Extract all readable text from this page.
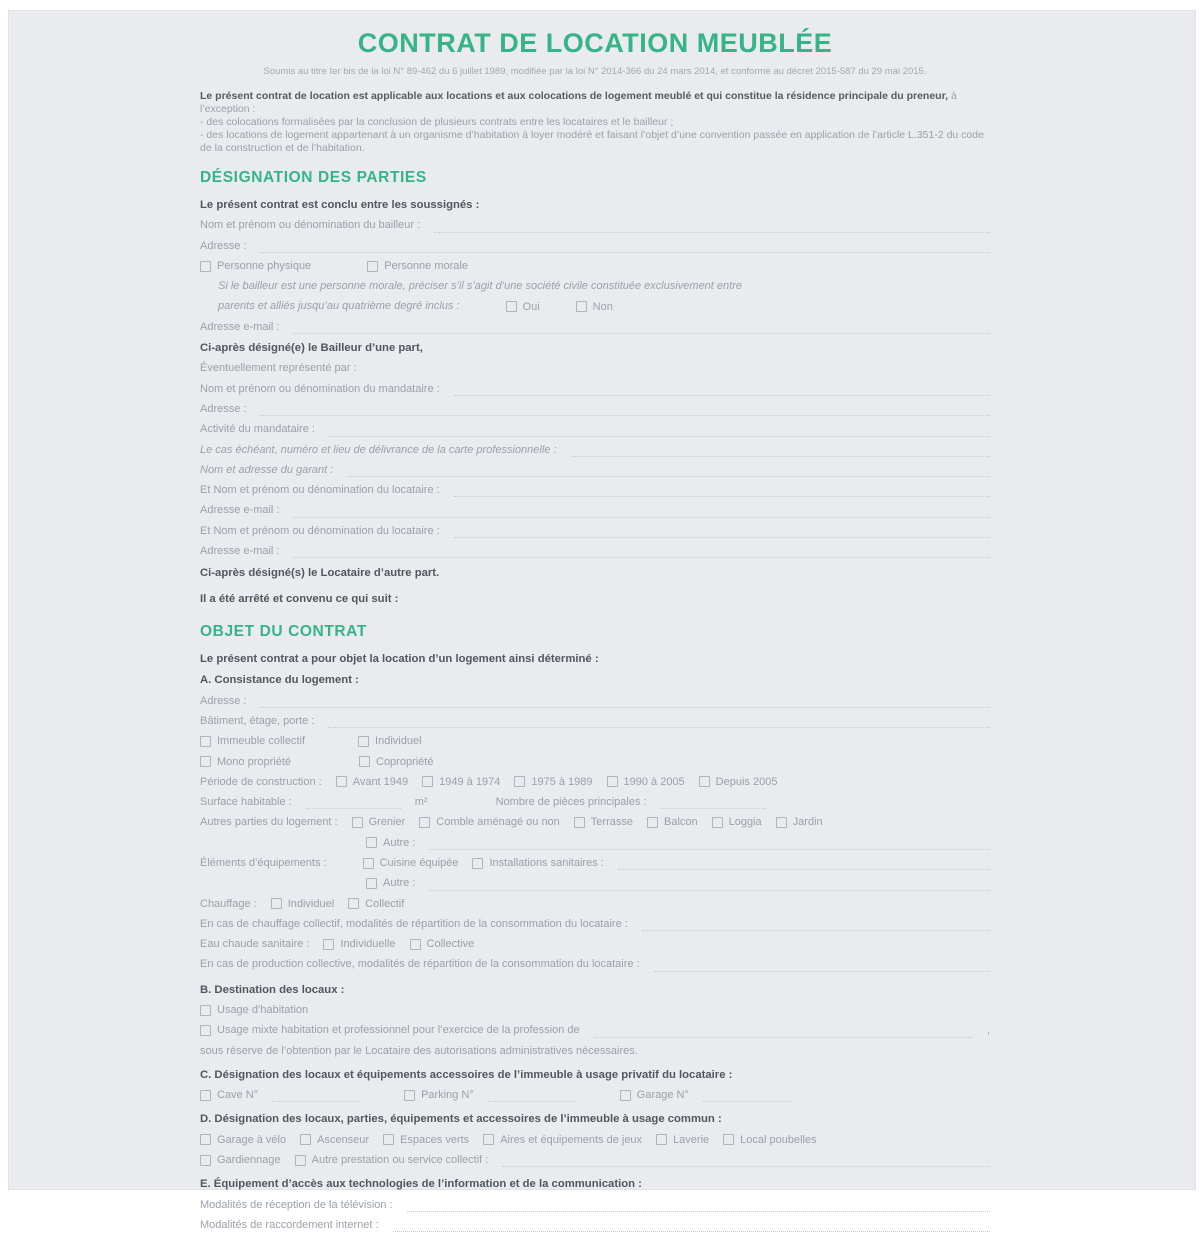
CONTRAT DE LOCATION MEUBLÉE
Soumis au titre Ier bis de la loi N° 89-462 du 6 juillet 1989, modifiée par la loi N° 2014-366 du 24 mars 2014, et conforme au décret 2015-587 du 29 mai 2015.

Le présent contrat de location est applicable aux locations et aux colocations de logement meublé et qui constitue la résidence principale du preneur, à l’exception :

- des colocations formalisées par la conclusion de plusieurs contrats entre les locataires et le bailleur ;

- des locations de logement appartenant à un organisme d’habitation à loyer modéré et faisant l’objet d’une convention passée en application de l’article L.351-2 du code de la construction et de l’habitation.

DÉSIGNATION DES PARTIES
Le présent contrat est conclu entre les soussignés :
Nom et prénom ou dénomination du bailleur :
Adresse :
Personne physique	Personne morale
Si le bailleur est une personne morale, préciser s’il s’agit d’une société civile constituée exclusivement entre
parents et alliés jusqu’au quatrième degré inclus :	Oui	Non
Adresse e-mail :
Ci-après désigné(e) le Bailleur d’une part,
Éventuellement représenté par :
Nom et prénom ou dénomination du mandataire :
Adresse :
Activité du mandataire :
Le cas échéant, numéro et lieu de délivrance de la carte professionnelle :
Nom et adresse du garant :
Et Nom et prénom ou dénomination du locataire :
Adresse e-mail :
Et Nom et prénom ou dénomination du locataire :
Adresse e-mail :
Ci-après désigné(s) le Locataire d’autre part.
Il a été arrêté et convenu ce qui suit :
OBJET DU CONTRAT
Le présent contrat a pour objet la location d’un logement ainsi déterminé :
A. Consistance du logement :
Adresse :
Bâtiment, étage, porte :
Immeuble collectif	Individuel
Mono propriété	Copropriété
Période de construction :	Avant 1949	1949 à 1974	1975 à 1989	1990 à 2005	Depuis 2005
Surface habitable :	m²	Nombre de pièces principales :
Autres parties du logement :	Grenier	Comble aménagé ou non	Terrasse	Balcon	Loggia	Jardin
Autre :
Éléments d’équipements :	Cuisine équipée	Installations sanitaires :
Autre :
Chauffage :	Individuel	Collectif
En cas de chauffage collectif, modalités de répartition de la consommation du locataire :
Eau chaude sanitaire :	Individuelle	Collective
En cas de production collective, modalités de répartition de la consommation du locataire :
B. Destination des locaux :
Usage d’habitation
Usage mixte habitation et professionnel pour l’exercice de la profession de	,
sous réserve de l’obtention par le Locataire des autorisations administratives nécessaires.
C. Désignation des locaux et équipements accessoires de l’immeuble à usage privatif du locataire :
Cave N°	Parking N°	Garage N°
D. Désignation des locaux, parties, équipements et accessoires de l’immeuble à usage commun :
Garage à vélo	Ascenseur	Espaces verts	Aires et équipements de jeux	Laverie	Local poubelles
Gardiennage	Autre prestation ou service collectif :
E. Équipement d’accès aux technologies de l’information et de la communication :
Modalités de réception de la télévision :
Modalités de raccordement internet :
